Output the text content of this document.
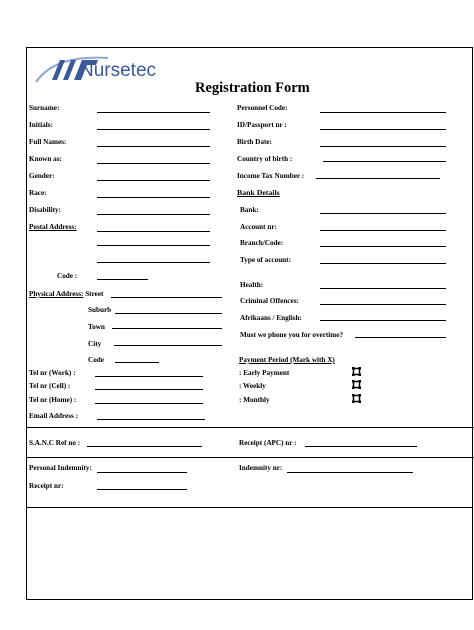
Nursetec
Registration Form
Surname:
Initials:
Full Names:
Known as:
Gender:
Race:
Disability:
Postal Address:
Code :
Physical Address: Street
Suburb
Town
City
Code
Tel nr (Work) :
Tel nr (Cell) :
Tel nr (Home) :
Email Address :
Personnel Code:
ID/Passport nr :
Birth Date:
Country of birth :
Income Tax Number :
Bank Details
Bank:
Account nr:
Branch/Code:
Type of account:
Health:
Criminal Offences:
Afrikaans / English:
Must we phone you for overtime?
Payment Period (Mark with X)
: Early Payment
: Weekly
: Monthly
S.A.N.C Ref no :	Receipt (APC) nr :
Personal Indemnity:	Indemnity nr:
Receipt nr:
